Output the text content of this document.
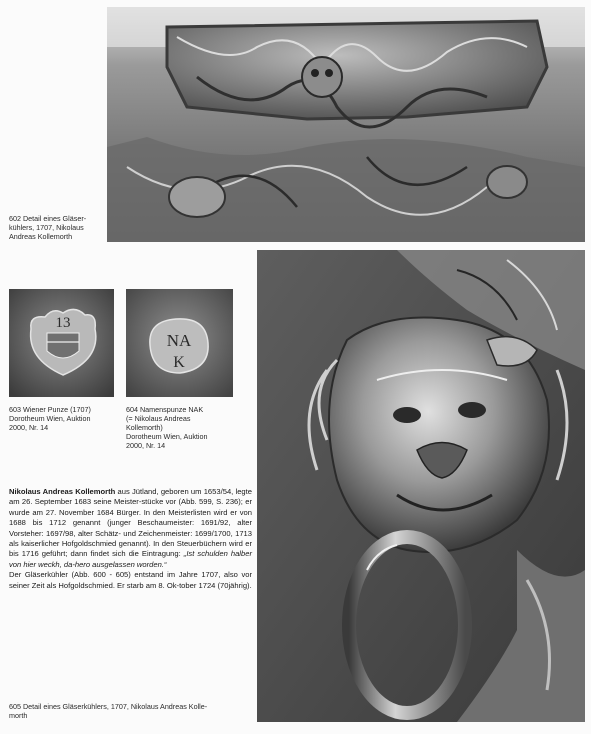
602 Detail eines Gläser-
kühlers, 1707, Nikolaus
Andreas Kollemorth
13
NA
K
603 Wiener Punze (1707)
Dorotheum Wien, Auktion
2000, Nr. 14
604 Namenspunze NAK
(= Nikolaus Andreas
Kollemorth)
Dorotheum Wien, Auktion
2000, Nr. 14

Nikolaus Andreas Kollemorth aus Jütland, geboren um 1653/54, legte am 26. September 1683 seine Meister-stücke vor (Abb. 599, S. 236); er wurde am 27. November 1684 Bürger. In den Meisterlisten wird er von 1688 bis 1712 genannt (junger Beschaumeister: 1691/92, alter Vorsteher: 1697/98, alter Schätz- und Zeichenmeister: 1699/1700, 1713 als kaiserlicher Hofgoldschmied genannt). In den Steuerbüchern wird er bis 1716 geführt; dann findet sich die Eintragung: „Ist schulden halber von hier weckh, da-hero ausgelassen worden.“

Der Gläserkühler (Abb. 600 - 605) entstand im Jahre 1707, also vor seiner Zeit als Hofgoldschmied. Er starb am 8. Ok-tober 1724 (70jährig).

605 Detail eines Gläserkühlers, 1707, Nikolaus Andreas Kolle-
morth
